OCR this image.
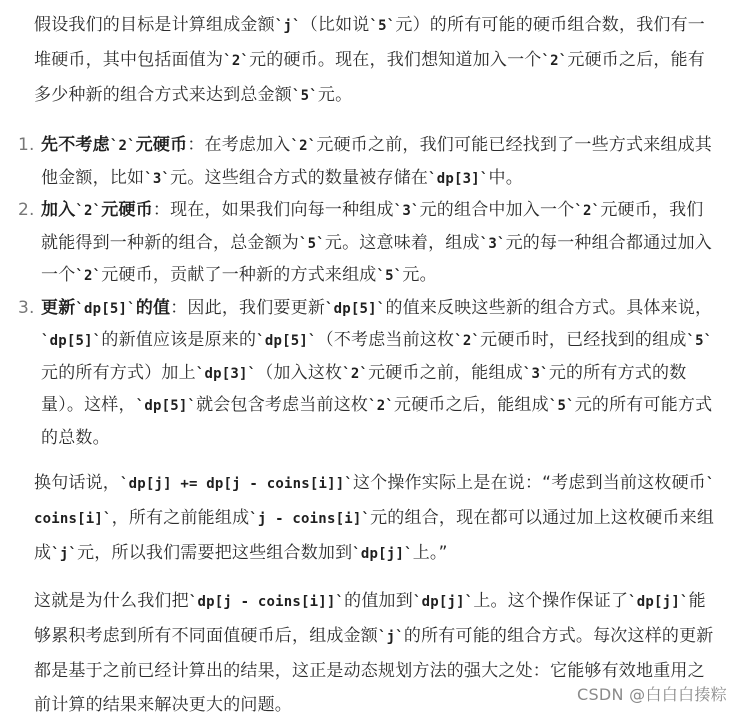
假设我们的目标是计算组成金额`j`（比如说`5`元）的所有可能的硬币组合数，我们有一堆硬币，其中包括面值为`2`元的硬币。现在，我们想知道加入一个`2`元硬币之后，能有多少种新的组合方式来达到总金额`5`元。

1. 先不考虑`2`元硬币：在考虑加入`2`元硬币之前，我们可能已经找到了一些方式来组成其他金额，比如`3`元。这些组合方式的数量被存储在`dp[3]`中。
2. 加入`2`元硬币：现在，如果我们向每一种组成`3`元的组合中加入一个`2`元硬币，我们就能得到一种新的组合，总金额为`5`元。这意味着，组成`3`元的每一种组合都通过加入一个`2`元硬币，贡献了一种新的方式来组成`5`元。
3. 更新`dp[5]`的值：因此，我们要更新`dp[5]`的值来反映这些新的组合方式。具体来说，`dp[5]`的新值应该是原来的`dp[5]`（不考虑当前这枚`2`元硬币时，已经找到的组成`5`元的所有方式）加上`dp[3]`（加入这枚`2`元硬币之前，能组成`3`元的所有方式的数量）。这样，`dp[5]`就会包含考虑当前这枚`2`元硬币之后，能组成`5`元的所有可能方式的总数。

换句话说，`dp[j] += dp[j - coins[i]]`这个操作实际上是在说：“考虑到当前这枚硬币`coins[i]`，所有之前能组成`j - coins[i]`元的组合，现在都可以通过加上这枚硬币来组成`j`元，所以我们需要把这些组合数加到`dp[j]`上。”

这就是为什么我们把`dp[j - coins[i]]`的值加到`dp[j]`上。这个操作保证了`dp[j]`能够累积考虑到所有不同面值硬币后，组成金额`j`的所有可能的组合方式。每次这样的更新都是基于之前已经计算出的结果，这正是动态规划方法的强大之处：它能够有效地重用之前计算的结果来解决更大的问题。

CSDN @白白白揍粽
